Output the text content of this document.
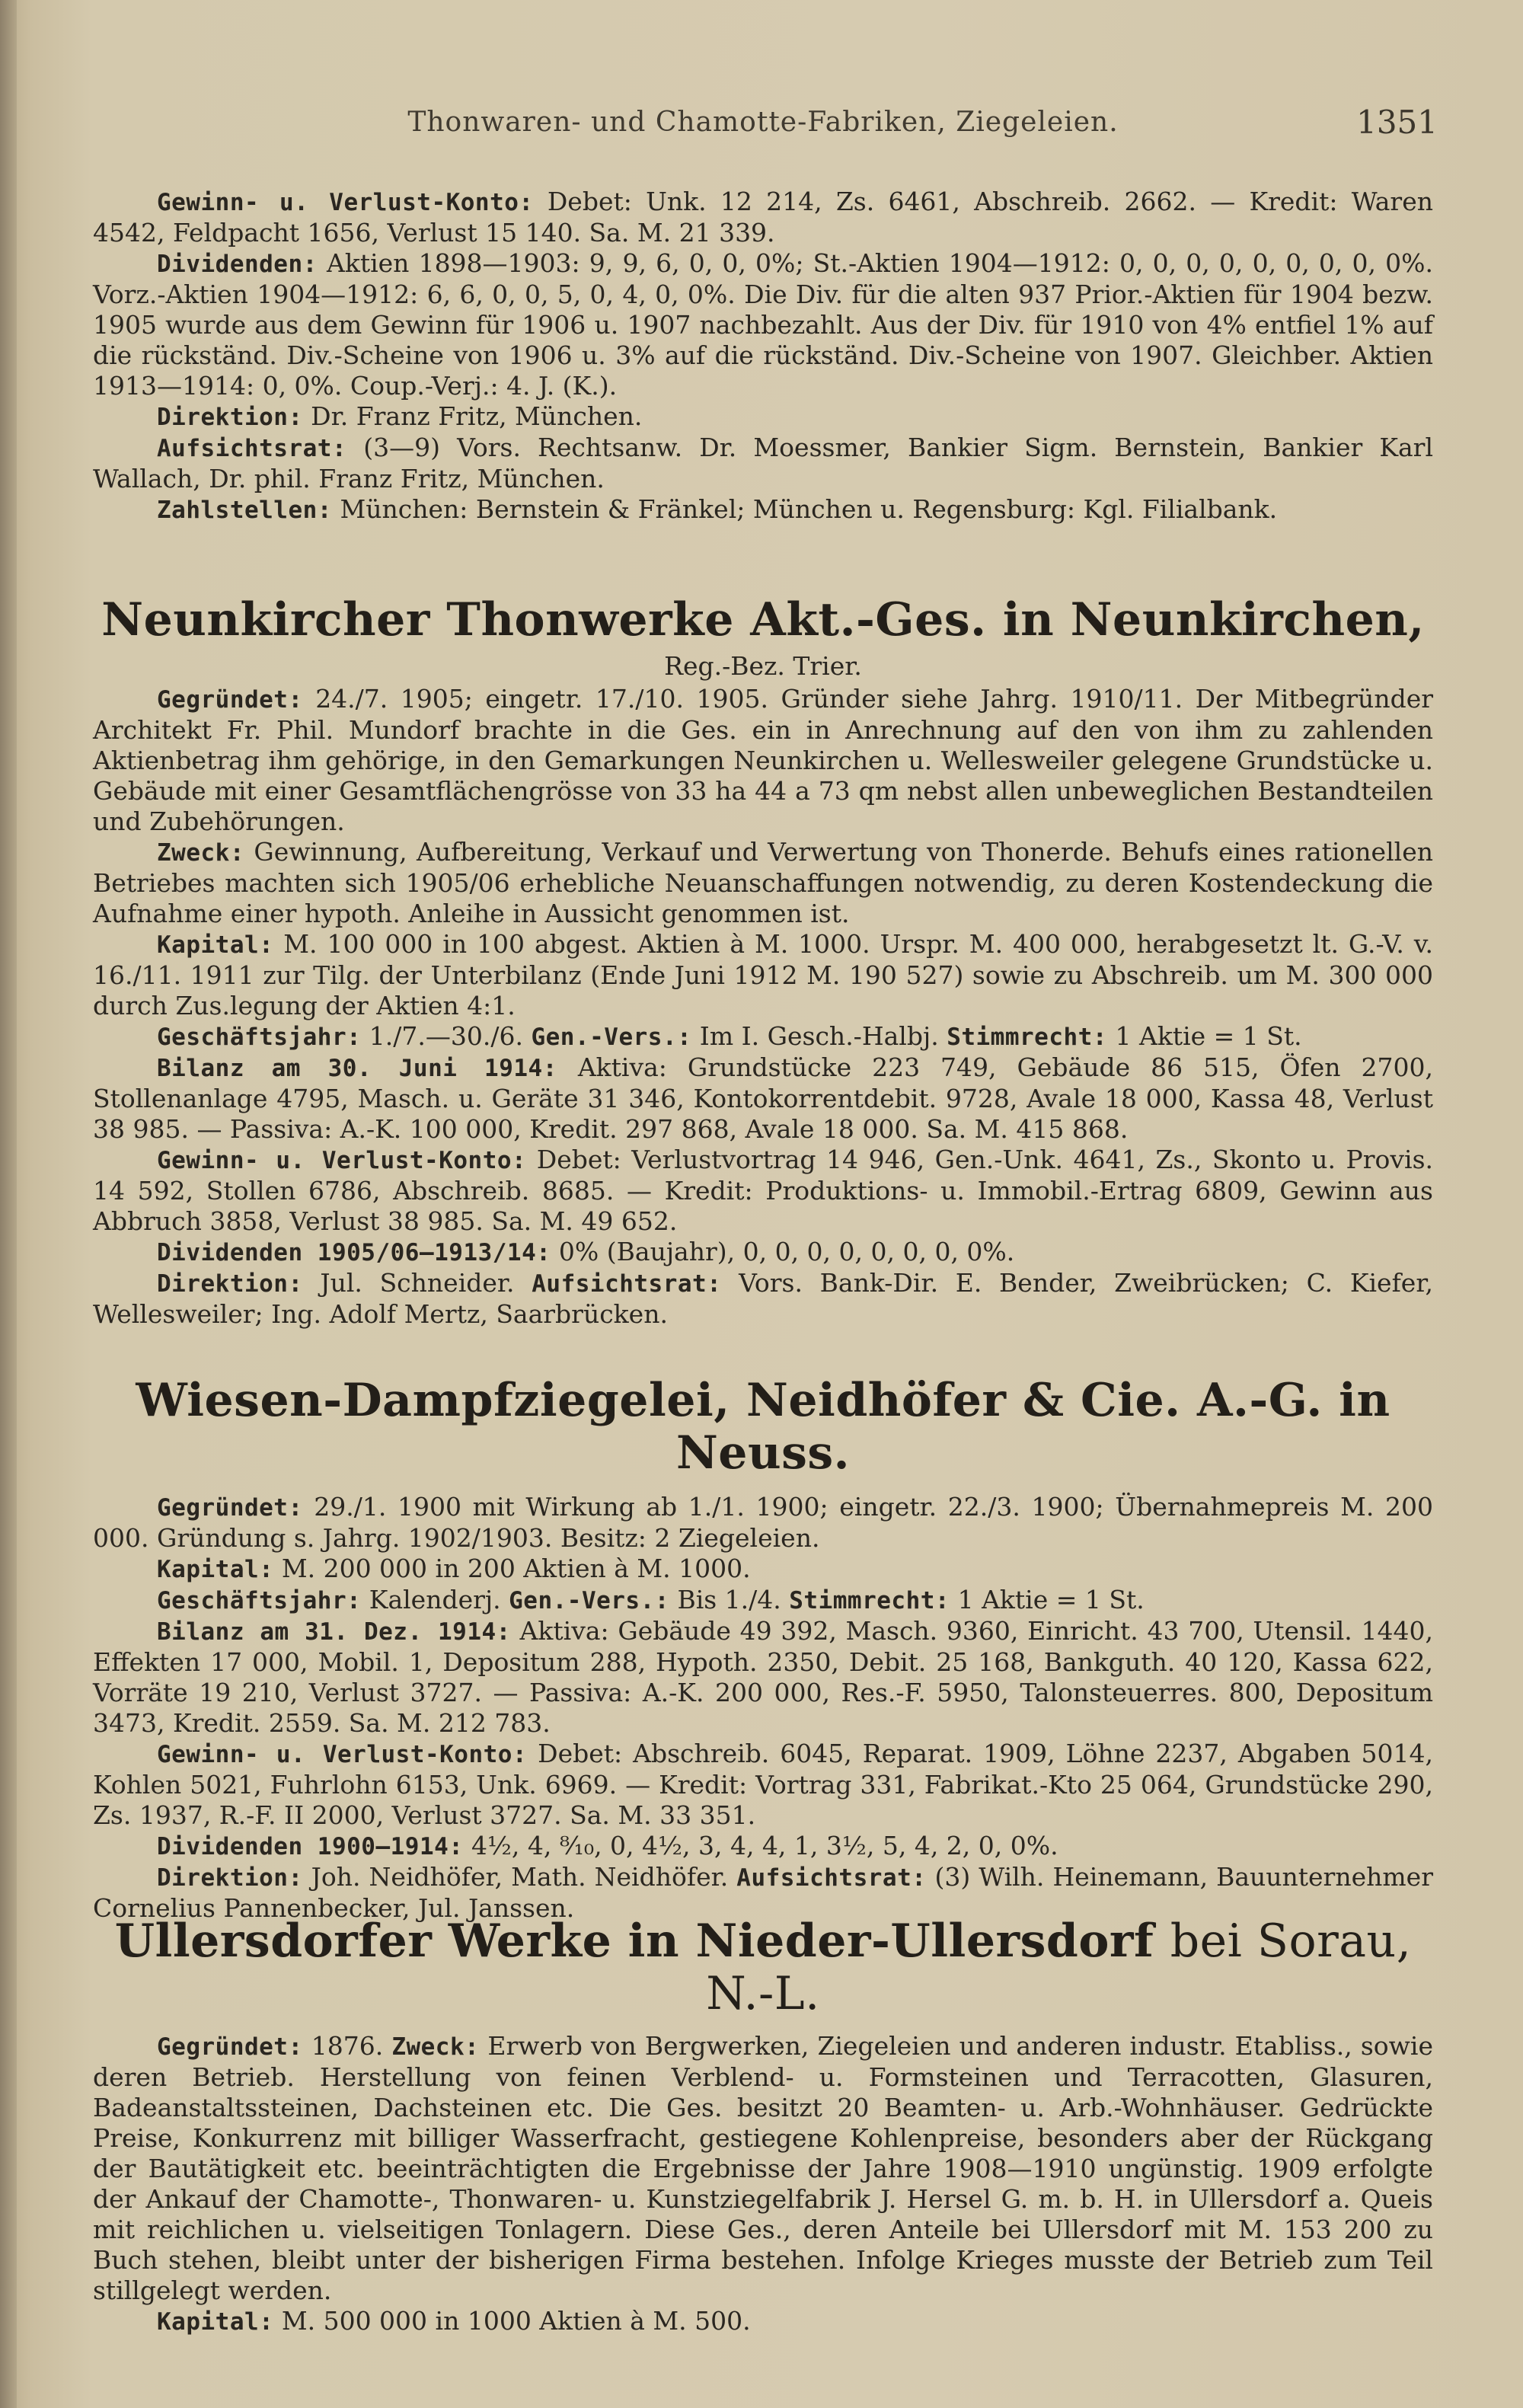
Thonwaren- und Chamotte-Fabriken, Ziegeleien.	1351

Gewinn- u. Verlust-Konto: Debet: Unk. 12 214, Zs. 6461, Abschreib. 2662. — Kredit: Waren 4542, Feldpacht 1656, Verlust 15 140. Sa. M. 21 339.

Dividenden: Aktien 1898—1903: 9, 9, 6, 0, 0, 0%; St.-Aktien 1904—1912: 0, 0, 0, 0, 0, 0, 0, 0, 0%. Vorz.-Aktien 1904—1912: 6, 6, 0, 0, 5, 0, 4, 0, 0%. Die Div. für die alten 937 Prior.-Aktien für 1904 bezw. 1905 wurde aus dem Gewinn für 1906 u. 1907 nachbezahlt. Aus der Div. für 1910 von 4% entfiel 1% auf die rückständ. Div.-Scheine von 1906 u. 3% auf die rückständ. Div.-Scheine von 1907. Gleichber. Aktien 1913—1914: 0, 0%. Coup.-Verj.: 4. J. (K.).

Direktion: Dr. Franz Fritz, München.

Aufsichtsrat: (3—9) Vors. Rechtsanw. Dr. Moessmer, Bankier Sigm. Bernstein, Bankier Karl Wallach, Dr. phil. Franz Fritz, München.

Zahlstellen: München: Bernstein & Fränkel; München u. Regensburg: Kgl. Filialbank.

Neunkircher Thonwerke Akt.-Ges. in Neunkirchen,
Reg.-Bez. Trier.

Gegründet: 24./7. 1905; eingetr. 17./10. 1905. Gründer siehe Jahrg. 1910/11. Der Mitbegründer Architekt Fr. Phil. Mundorf brachte in die Ges. ein in Anrechnung auf den von ihm zu zahlenden Aktienbetrag ihm gehörige, in den Gemarkungen Neunkirchen u. Wellesweiler gelegene Grundstücke u. Gebäude mit einer Gesamtflächengrösse von 33 ha 44 a 73 qm nebst allen unbeweglichen Bestandteilen und Zubehörungen.

Zweck: Gewinnung, Aufbereitung, Verkauf und Verwertung von Thonerde. Behufs eines rationellen Betriebes machten sich 1905/06 erhebliche Neuanschaffungen notwendig, zu deren Kostendeckung die Aufnahme einer hypoth. Anleihe in Aussicht genommen ist.

Kapital: M. 100 000 in 100 abgest. Aktien à M. 1000. Urspr. M. 400 000, herabgesetzt lt. G.-V. v. 16./11. 1911 zur Tilg. der Unterbilanz (Ende Juni 1912 M. 190 527) sowie zu Abschreib. um M. 300 000 durch Zus.legung der Aktien 4:1.

Geschäftsjahr: 1./7.—30./6. Gen.-Vers.: Im I. Gesch.-Halbj. Stimmrecht: 1 Aktie = 1 St.

Bilanz am 30. Juni 1914: Aktiva: Grundstücke 223 749, Gebäude 86 515, Öfen 2700, Stollenanlage 4795, Masch. u. Geräte 31 346, Kontokorrentdebit. 9728, Avale 18 000, Kassa 48, Verlust 38 985. — Passiva: A.-K. 100 000, Kredit. 297 868, Avale 18 000. Sa. M. 415 868.

Gewinn- u. Verlust-Konto: Debet: Verlustvortrag 14 946, Gen.-Unk. 4641, Zs., Skonto u. Provis. 14 592, Stollen 6786, Abschreib. 8685. — Kredit: Produktions- u. Immobil.-Ertrag 6809, Gewinn aus Abbruch 3858, Verlust 38 985. Sa. M. 49 652.

Dividenden 1905/06—1913/14: 0% (Baujahr), 0, 0, 0, 0, 0, 0, 0, 0%.

Direktion: Jul. Schneider. Aufsichtsrat: Vors. Bank-Dir. E. Bender, Zweibrücken; C. Kiefer, Wellesweiler; Ing. Adolf Mertz, Saarbrücken.

Wiesen-Dampfziegelei, Neidhöfer & Cie. A.-G. in Neuss.

Gegründet: 29./1. 1900 mit Wirkung ab 1./1. 1900; eingetr. 22./3. 1900; Übernahmepreis M. 200 000. Gründung s. Jahrg. 1902/1903. Besitz: 2 Ziegeleien.

Kapital: M. 200 000 in 200 Aktien à M. 1000.

Geschäftsjahr: Kalenderj. Gen.-Vers.: Bis 1./4. Stimmrecht: 1 Aktie = 1 St.

Bilanz am 31. Dez. 1914: Aktiva: Gebäude 49 392, Masch. 9360, Einricht. 43 700, Utensil. 1440, Effekten 17 000, Mobil. 1, Depositum 288, Hypoth. 2350, Debit. 25 168, Bankguth. 40 120, Kassa 622, Vorräte 19 210, Verlust 3727. — Passiva: A.-K. 200 000, Res.-F. 5950, Talonsteuerres. 800, Depositum 3473, Kredit. 2559. Sa. M. 212 783.

Gewinn- u. Verlust-Konto: Debet: Abschreib. 6045, Reparat. 1909, Löhne 2237, Abgaben 5014, Kohlen 5021, Fuhrlohn 6153, Unk. 6969. — Kredit: Vortrag 331, Fabrikat.-Kto 25 064, Grundstücke 290, Zs. 1937, R.-F. II 2000, Verlust 3727. Sa. M. 33 351.

Dividenden 1900—1914: 4½, 4, ⁸⁄₁₀, 0, 4½, 3, 4, 4, 1, 3½, 5, 4, 2, 0, 0%.

Direktion: Joh. Neidhöfer, Math. Neidhöfer. Aufsichtsrat: (3) Wilh. Heinemann, Bauunternehmer Cornelius Pannenbecker, Jul. Janssen.

Ullersdorfer Werke in Nieder-Ullersdorf bei Sorau, N.-L.

Gegründet: 1876. Zweck: Erwerb von Bergwerken, Ziegeleien und anderen industr. Etabliss., sowie deren Betrieb. Herstellung von feinen Verblend- u. Formsteinen und Terracotten, Glasuren, Badeanstaltssteinen, Dachsteinen etc. Die Ges. besitzt 20 Beamten- u. Arb.-Wohnhäuser. Gedrückte Preise, Konkurrenz mit billiger Wasserfracht, gestiegene Kohlenpreise, besonders aber der Rückgang der Bautätigkeit etc. beeinträchtigten die Ergebnisse der Jahre 1908—1910 ungünstig. 1909 erfolgte der Ankauf der Chamotte-, Thonwaren- u. Kunstziegelfabrik J. Hersel G. m. b. H. in Ullersdorf a. Queis mit reichlichen u. vielseitigen Tonlagern. Diese Ges., deren Anteile bei Ullersdorf mit M. 153 200 zu Buch stehen, bleibt unter der bisherigen Firma bestehen. Infolge Krieges musste der Betrieb zum Teil stillgelegt werden.

Kapital: M. 500 000 in 1000 Aktien à M. 500.
